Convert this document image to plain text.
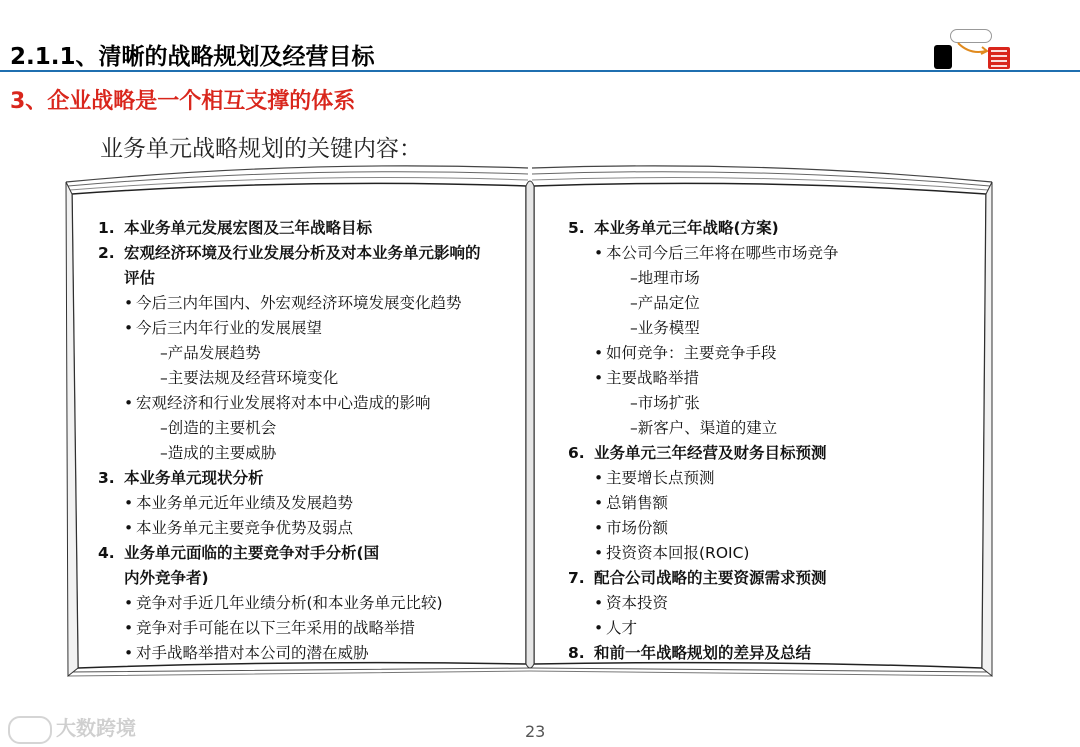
2.1.1、清晰的战略规划及经营目标
3、企业战略是一个相互支撑的体系
业务单元战略规划的关键内容：
1. 本业务单元发展宏图及三年战略目标
2. 宏观经济环境及行业发展分析及对本业务单元影响的
评估
• 今后三内年国内、外宏观经济环境发展变化趋势
• 今后三内年行业的发展展望
–产品发展趋势
–主要法规及经营环境变化
• 宏观经济和行业发展将对本中心造成的影响
–创造的主要机会
–造成的主要威胁
3. 本业务单元现状分析
• 本业务单元近年业绩及发展趋势
• 本业务单元主要竞争优势及弱点
4. 业务单元面临的主要竞争对手分析(国
内外竞争者)
• 竞争对手近几年业绩分析(和本业务单元比较)
• 竞争对手可能在以下三年采用的战略举措
• 对手战略举措对本公司的潜在威胁
5. 本业务单元三年战略(方案)
• 本公司今后三年将在哪些市场竞争
–地理市场
–产品定位
–业务模型
• 如何竞争：主要竞争手段
• 主要战略举措
–市场扩张
–新客户、渠道的建立
6. 业务单元三年经营及财务目标预测
• 主要增长点预测
• 总销售额
• 市场份额
• 投资资本回报(ROIC)
7. 配合公司战略的主要资源需求预测
• 资本投资
• 人才
8. 和前一年战略规划的差异及总结
大数跨境	23
